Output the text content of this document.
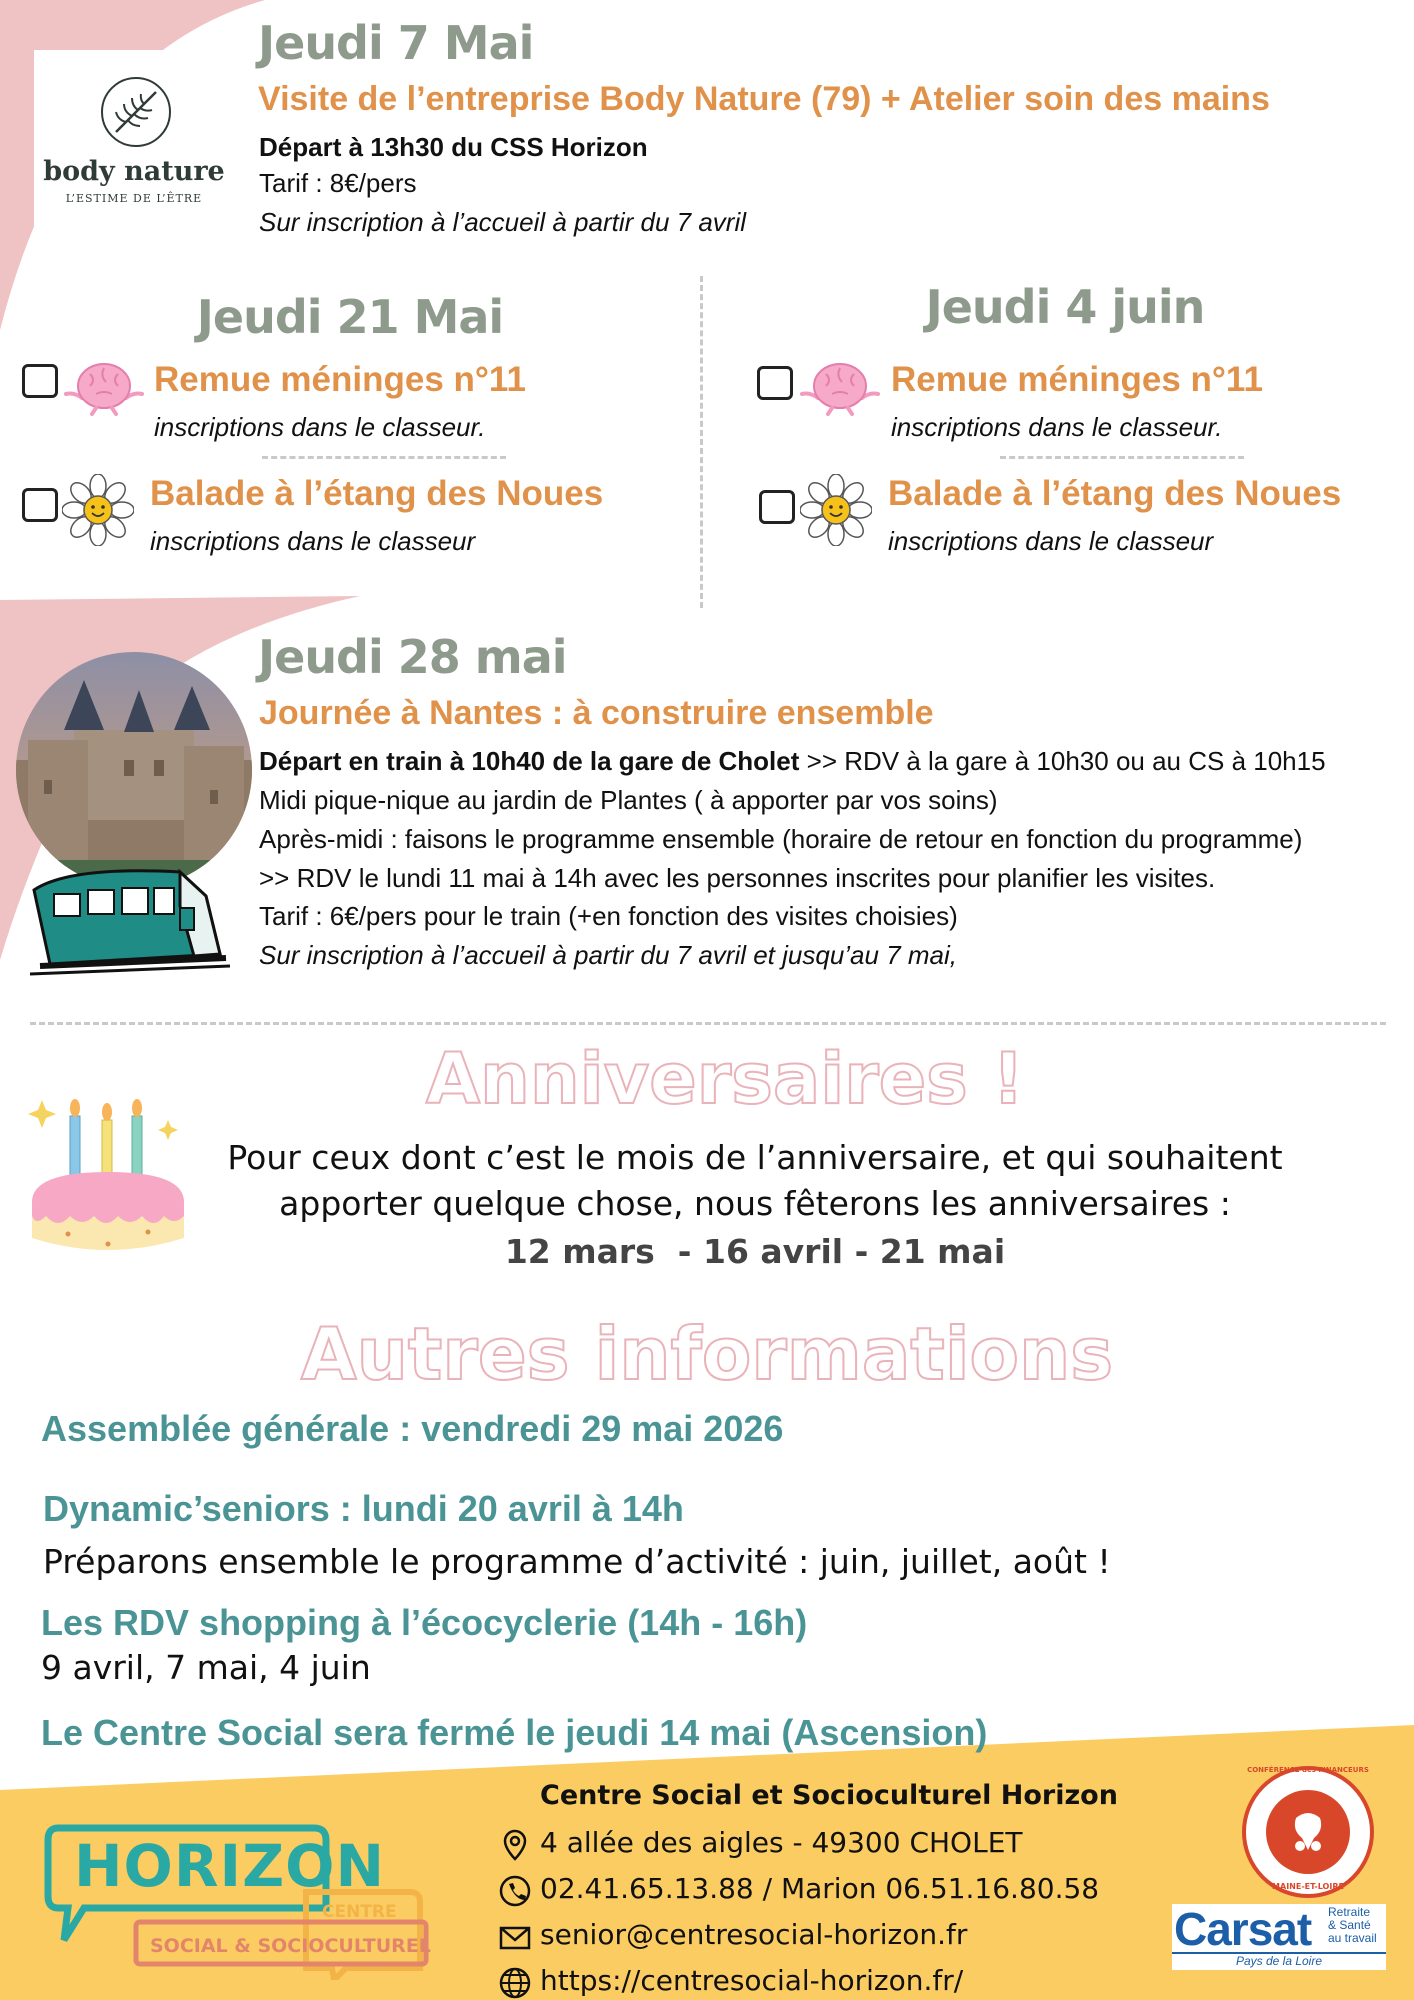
body nature
L’ESTIME DE L’ÊTRE
Jeudi 7 Mai
Visite de l’entreprise Body Nature (79) + Atelier soin des mains
Départ à 13h30 du CSS Horizon
Tarif : 8€/pers
Sur inscription à l’accueil à partir du 7 avril
Jeudi 21 Mai
Remue méninges n°11
inscriptions dans le classeur.
Balade à l’étang des Noues
inscriptions dans le classeur
Jeudi 4 juin
Remue méninges n°11
inscriptions dans le classeur.
Balade à l’étang des Noues
inscriptions dans le classeur
Jeudi 28 mai
Journée à Nantes : à construire ensemble
Départ en train à 10h40 de la gare de Cholet >> RDV à la gare à 10h30 ou au CS à 10h15
Midi pique-nique au jardin de Plantes ( à apporter par vos soins)
Après-midi : faisons le programme ensemble (horaire de retour en fonction du programme)
>> RDV le lundi 11 mai à 14h avec les personnes inscrites pour planifier les visites.
Tarif : 6€/pers pour le train (+en fonction des visites choisies)
Sur inscription à l’accueil à partir du 7 avril et jusqu’au 7 mai,
Anniversaires !
Pour ceux dont c’est le mois de l’anniversaire, et qui souhaitent
apporter quelque chose, nous fêterons les anniversaires :
12 mars  - 16 avril - 21 mai
Autres informations
Assemblée générale : vendredi 29 mai 2026
Dynamic’seniors : lundi 20 avril à 14h
Préparons ensemble le programme d’activité : juin, juillet, août !
Les RDV shopping à l’écocyclerie (14h - 16h)
9 avril, 7 mai, 4 juin
Le Centre Social sera fermé le jeudi 14 mai (Ascension)
HORIZON
CENTRE
SOCIAL & SOCIOCULTUREL
Centre Social et Socioculturel Horizon
4 allée des aigles - 49300 CHOLET
02.41.65.13.88 / Marion 06.51.16.80.58
senior@centresocial-horizon.fr
https://centresocial-horizon.fr/
CONFÉRENCE des FINANCEURS
MAINE-ET-LOIRE
Carsat Retraite
& Santé
au travail
Pays de la Loire
